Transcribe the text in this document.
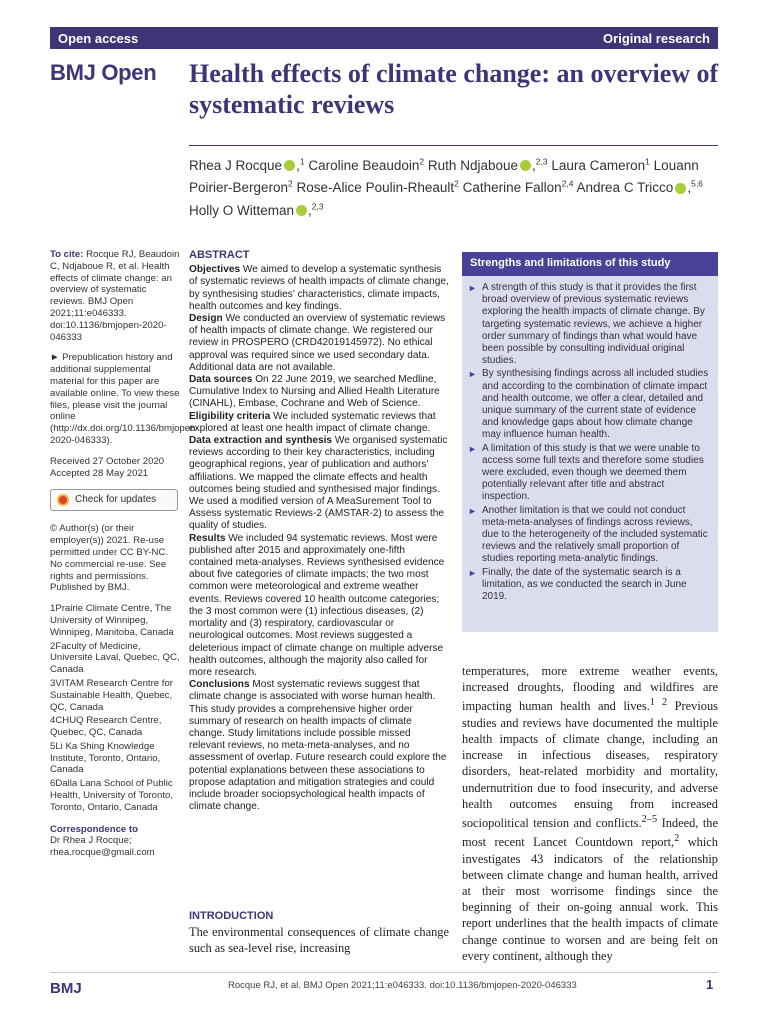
Open access	Original research
BMJ Open Health effects of climate change: an overview of systematic reviews
Rhea J Rocque ,$^1$ Caroline Beaudoin$^2$ Ruth Ndjaboue ,$^{2,3}$ Laura Cameron$^1$ Louann Poirier-Bergeron$^2$ Rose-Alice Poulin-Rheault$^2$ Catherine Fallon$^{2,4}$ Andrea C Tricco ,$^{5,6}$ Holly O Witteman ,$^{2,3}$

To cite: Rocque RJ, Beaudoin C, Ndjaboue R, et al. Health effects of climate change: an overview of systematic reviews. BMJ Open 2021;11:e046333. doi:10.1136/bmjopen-2020-046333

► Prepublication history and additional supplemental material for this paper are available online. To view these files, please visit the journal online (http://dx.doi.org/10.1136/bmjopen-2020-046333).

Received 27 October 2020

Accepted 28 May 2021

Check for updates

© Author(s) (or their employer(s)) 2021. Re-use permitted under CC BY-NC. No commercial re-use. See rights and permissions. Published by BMJ.

1Prairie Climate Centre, The University of Winnipeg, Winnipeg, Manitoba, Canada

2Faculty of Medicine, Université Laval, Quebec, QC, Canada

3VITAM Research Centre for Sustainable Health, Quebec, QC, Canada

4CHUQ Research Centre, Quebec, QC, Canada

5Li Ka Shing Knowledge Institute, Toronto, Ontario, Canada

6Dalla Lana School of Public Health, University of Toronto, Toronto, Ontario, Canada

Correspondence to

Dr Rhea J Rocque;

rhea.rocque@gmail.com

ABSTRACT

Objectives We aimed to develop a systematic synthesis of systematic reviews of health impacts of climate change, by synthesising studies’ characteristics, climate impacts, health outcomes and key findings.

Design We conducted an overview of systematic reviews of health impacts of climate change. We registered our review in PROSPERO (CRD42019145972). No ethical approval was required since we used secondary data. Additional data are not available.

Data sources On 22 June 2019, we searched Medline, Cumulative Index to Nursing and Allied Health Literature (CINAHL), Embase, Cochrane and Web of Science.

Eligibility criteria We included systematic reviews that explored at least one health impact of climate change.

Data extraction and synthesis We organised systematic reviews according to their key characteristics, including geographical regions, year of publication and authors’ affiliations. We mapped the climate effects and health outcomes being studied and synthesised major findings. We used a modified version of A MeaSurement Tool to Assess systematic Reviews-2 (AMSTAR-2) to assess the quality of studies.

Results We included 94 systematic reviews. Most were published after 2015 and approximately one-fifth contained meta-analyses. Reviews synthesised evidence about five categories of climate impacts; the two most common were meteorological and extreme weather events. Reviews covered 10 health outcome categories; the 3 most common were (1) infectious diseases, (2) mortality and (3) respiratory, cardiovascular or neurological outcomes. Most reviews suggested a deleterious impact of climate change on multiple adverse health outcomes, although the majority also called for more research.

Conclusions Most systematic reviews suggest that climate change is associated with worse human health. This study provides a comprehensive higher order summary of research on health impacts of climate change. Study limitations include possible missed relevant reviews, no meta-meta-analyses, and no assessment of overlap. Future research could explore the potential explanations between these associations to propose adaptation and mitigation strategies and could include broader sociopsychological health impacts of climate change.

INTRODUCTION

The environmental consequences of climate change such as sea-level rise, increasing

Strengths and limitations of this study
► A strength of this study is that it provides the first broad overview of previous systematic reviews exploring the health impacts of climate change. By targeting systematic reviews, we achieve a higher order summary of findings than what would have been possible by consulting individual original studies.
► By synthesising findings across all included studies and according to the combination of climate impact and health outcome, we offer a clear, detailed and unique summary of the current state of evidence and knowledge gaps about how climate change may influence human health.
► A limitation of this study is that we were unable to access some full texts and therefore some studies were excluded, even though we deemed them potentially relevant after title and abstract inspection.
► Another limitation is that we could not conduct meta-meta-analyses of findings across reviews, due to the heterogeneity of the included systematic reviews and the relatively small proportion of studies reporting meta-analytic findings.
► Finally, the date of the systematic search is a limitation, as we conducted the search in June 2019.

temperatures, more extreme weather events, increased droughts, flooding and wildfires are impacting human health and lives.$^{1 2}$ Previous studies and reviews have documented the multiple health impacts of climate change, including an increase in infectious diseases, respiratory disorders, heat-related morbidity and mortality, undernutrition due to food insecurity, and adverse health outcomes ensuing from increased sociopolitical tension and conflicts.$^{2-5}$ Indeed, the most recent Lancet Countdown report,$^2$ which investigates 43 indicators of the relationship between climate change and human health, arrived at their most worrisome findings since the beginning of their on-going annual work. This report underlines that the health impacts of climate change continue to worsen and are being felt on every continent, although they

BMJ	Rocque RJ, et al. BMJ Open 2021;11:e046333. doi:10.1136/bmjopen-2020-046333	1
